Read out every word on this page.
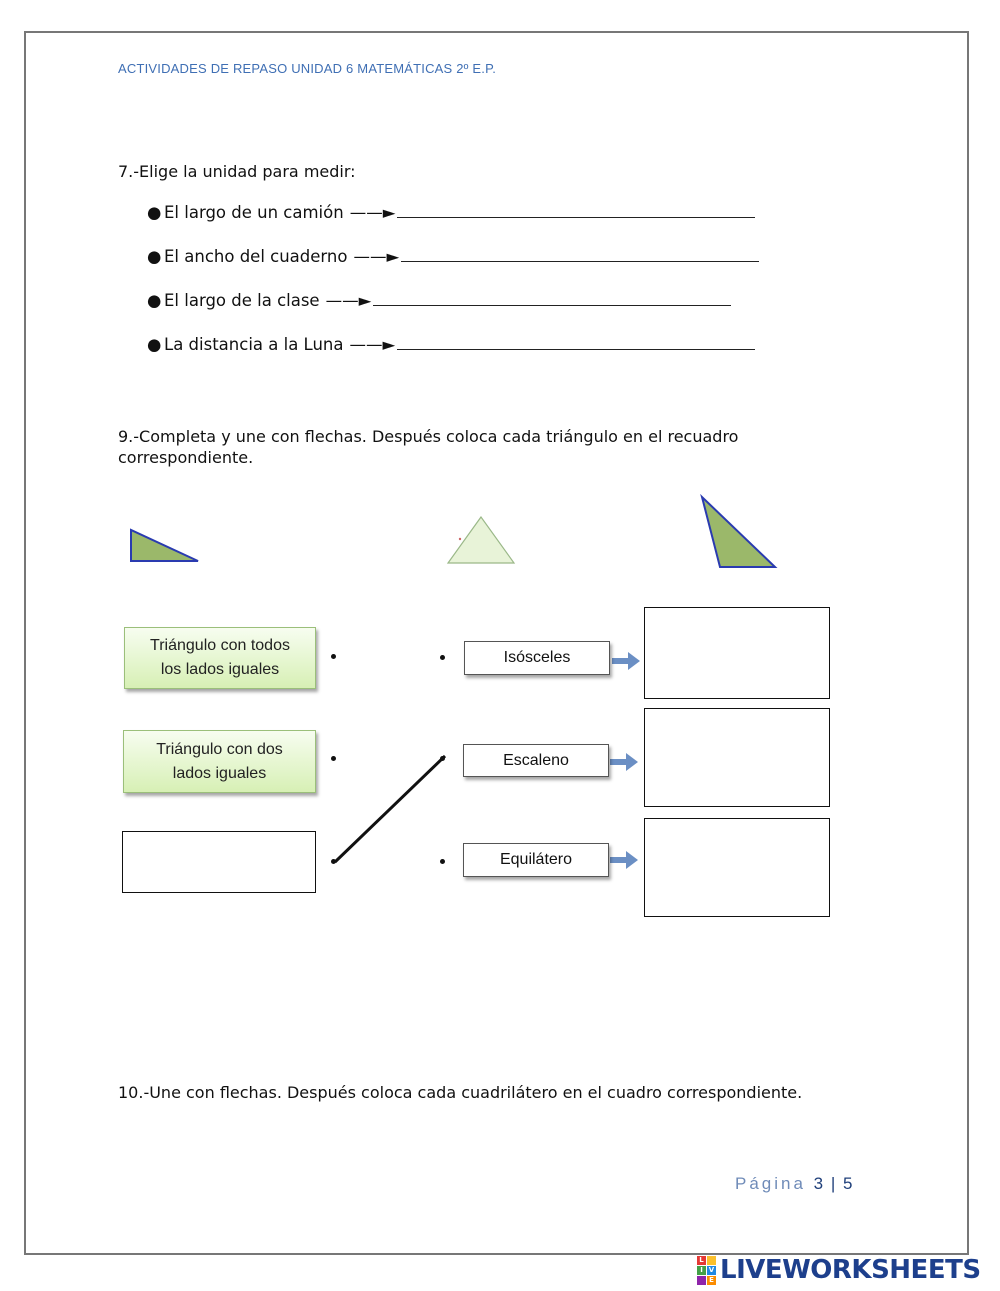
ACTIVIDADES DE REPASO UNIDAD 6 MATEMÁTICAS 2º E.P.
7.-Elige la unidad para medir:
● El largo de un camión ——►
● El ancho del cuaderno ——►
● El largo de la clase ——►
● La distancia a la Luna ——►
9.-Completa y une con flechas. Después coloca cada triángulo en el recuadro correspondiente.
Triángulo con todos los lados iguales
Triángulo con dos lados iguales
Isósceles
Escaleno
Equilátero
10.-Une con flechas. Después coloca cada cuadrilátero en el cuadro correspondiente.
Página 3 | 5
L
I V
E LIVEWORKSHEETS
